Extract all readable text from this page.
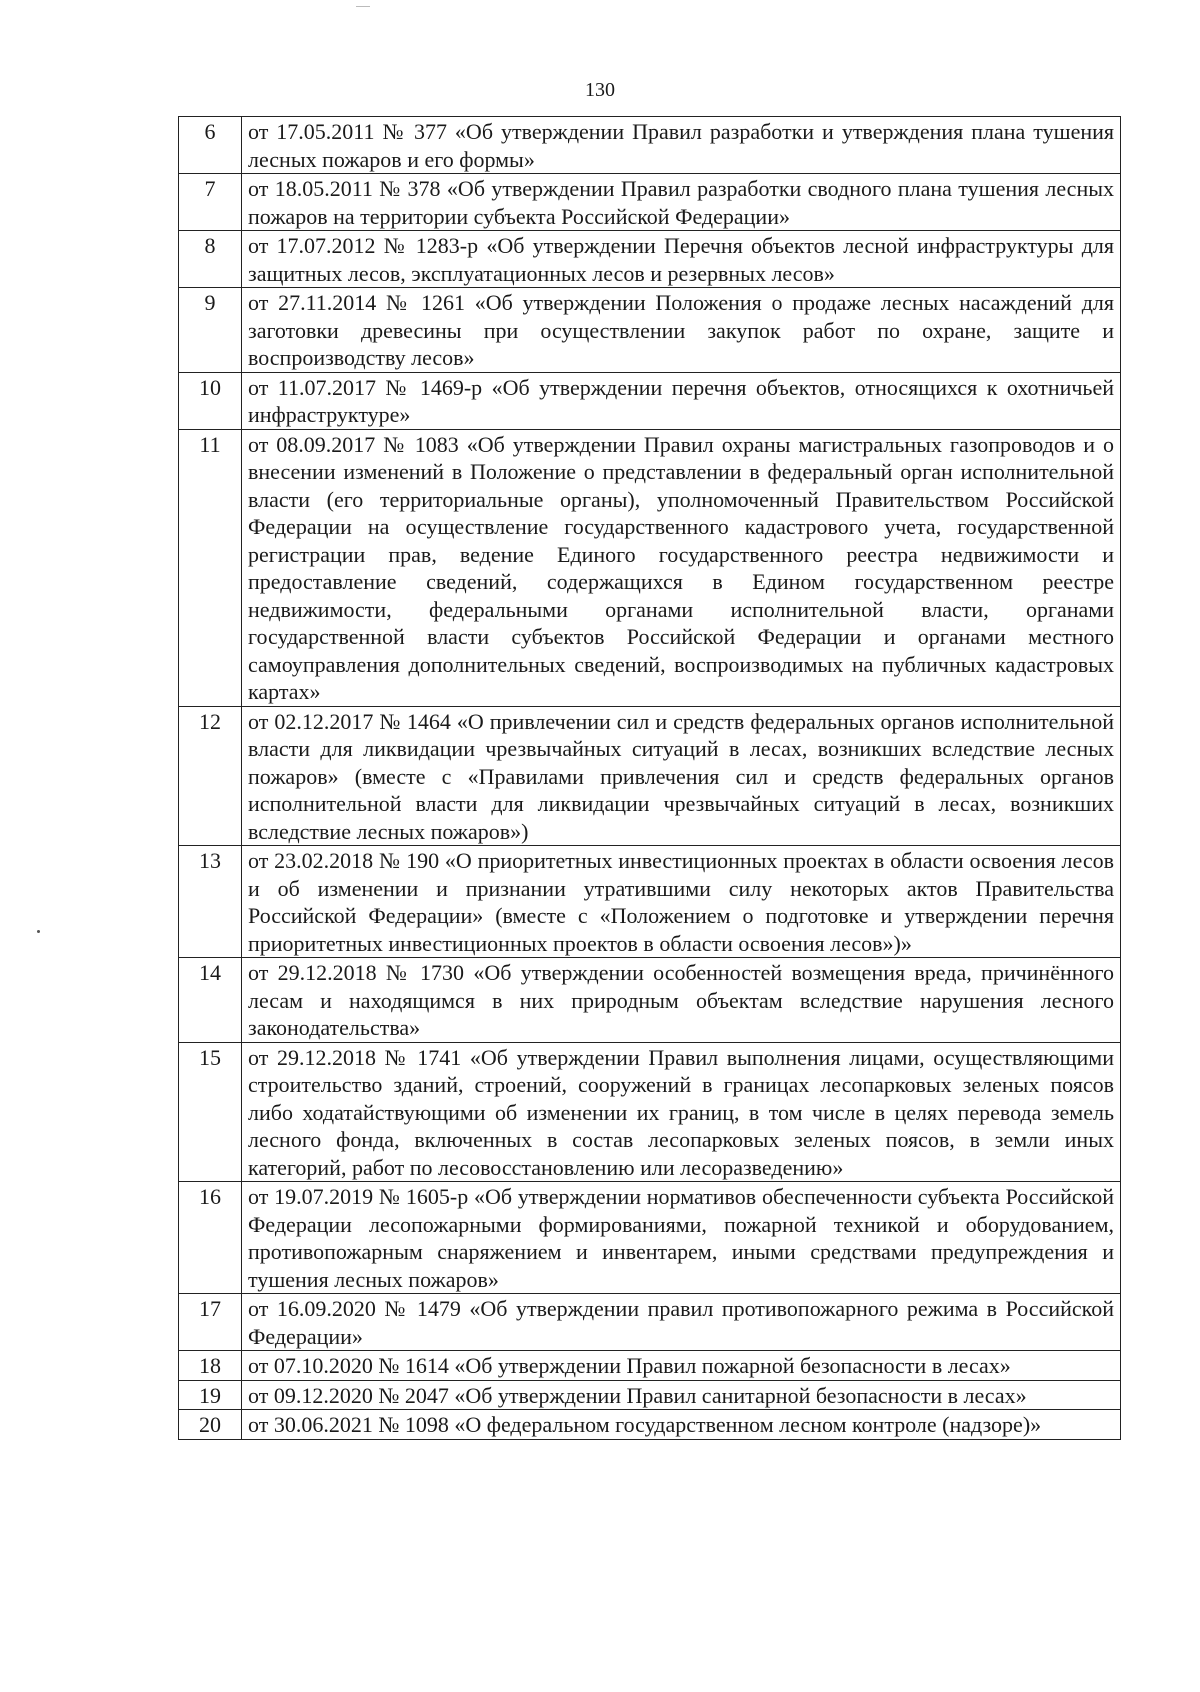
130
6	от 17.05.2011 № 377 «Об утверждении Правил разработки и утверждения плана тушения лесных пожаров и его формы»
7	от 18.05.2011 № 378 «Об утверждении Правил разработки сводного плана тушения лесных пожаров на территории субъекта Российской Федерации»
8	от 17.07.2012 № 1283-р «Об утверждении Перечня объектов лесной инфраструктуры для защитных лесов, эксплуатационных лесов и резервных лесов»
9	от 27.11.2014 № 1261 «Об утверждении Положения о продаже лесных насаждений для заготовки древесины при осуществлении закупок работ по охране, защите и воспроизводству лесов»
10	от 11.07.2017 № 1469-р «Об утверждении перечня объектов, относящихся к охотничьей инфраструктуре»
11	от 08.09.2017 № 1083 «Об утверждении Правил охраны магистральных газопроводов и о внесении изменений в Положение о представлении в федеральный орган исполнительной власти (его территориальные органы), уполномоченный Правительством Российской Федерации на осуществление государственного кадастрового учета, государственной регистрации прав, ведение Единого государственного реестра недвижимости и предоставление сведений, содержащихся в Едином государственном реестре недвижимости, федеральными органами исполнительной власти, органами государственной власти субъектов Российской Федерации и органами местного самоуправления дополнительных сведений, воспроизводимых на публичных кадастровых картах»
12	от 02.12.2017 № 1464 «О привлечении сил и средств федеральных органов исполнительной власти для ликвидации чрезвычайных ситуаций в лесах, возникших вследствие лесных пожаров» (вместе с «Правилами привлечения сил и средств федеральных органов исполнительной власти для ликвидации чрезвычайных ситуаций в лесах, возникших вследствие лесных пожаров»)
13	от 23.02.2018 № 190 «О приоритетных инвестиционных проектах в области освоения лесов и об изменении и признании утратившими силу некоторых актов Правительства Российской Федерации» (вместе с «Положением о подготовке и утверждении перечня приоритетных инвестиционных проектов в области освоения лесов»)»
14	от 29.12.2018 № 1730 «Об утверждении особенностей возмещения вреда, причинённого лесам и находящимся в них природным объектам вследствие нарушения лесного законодательства»
15	от 29.12.2018 № 1741 «Об утверждении Правил выполнения лицами, осуществляющими строительство зданий, строений, сооружений в границах лесопарковых зеленых поясов либо ходатайствующими об изменении их границ, в том числе в целях перевода земель лесного фонда, включенных в состав лесопарковых зеленых поясов, в земли иных категорий, работ по лесовосстановлению или лесоразведению»
16	от 19.07.2019 № 1605-р «Об утверждении нормативов обеспеченности субъекта Российской Федерации лесопожарными формированиями, пожарной техникой и оборудованием, противопожарным снаряжением и инвентарем, иными средствами предупреждения и тушения лесных пожаров»
17	от 16.09.2020 № 1479 «Об утверждении правил противопожарного режима в Российской Федерации»
18	от 07.10.2020 № 1614 «Об утверждении Правил пожарной безопасности в лесах»
19	от 09.12.2020 № 2047 «Об утверждении Правил санитарной безопасности в лесах»
20	от 30.06.2021 № 1098 «О федеральном государственном лесном контроле (надзоре)»
